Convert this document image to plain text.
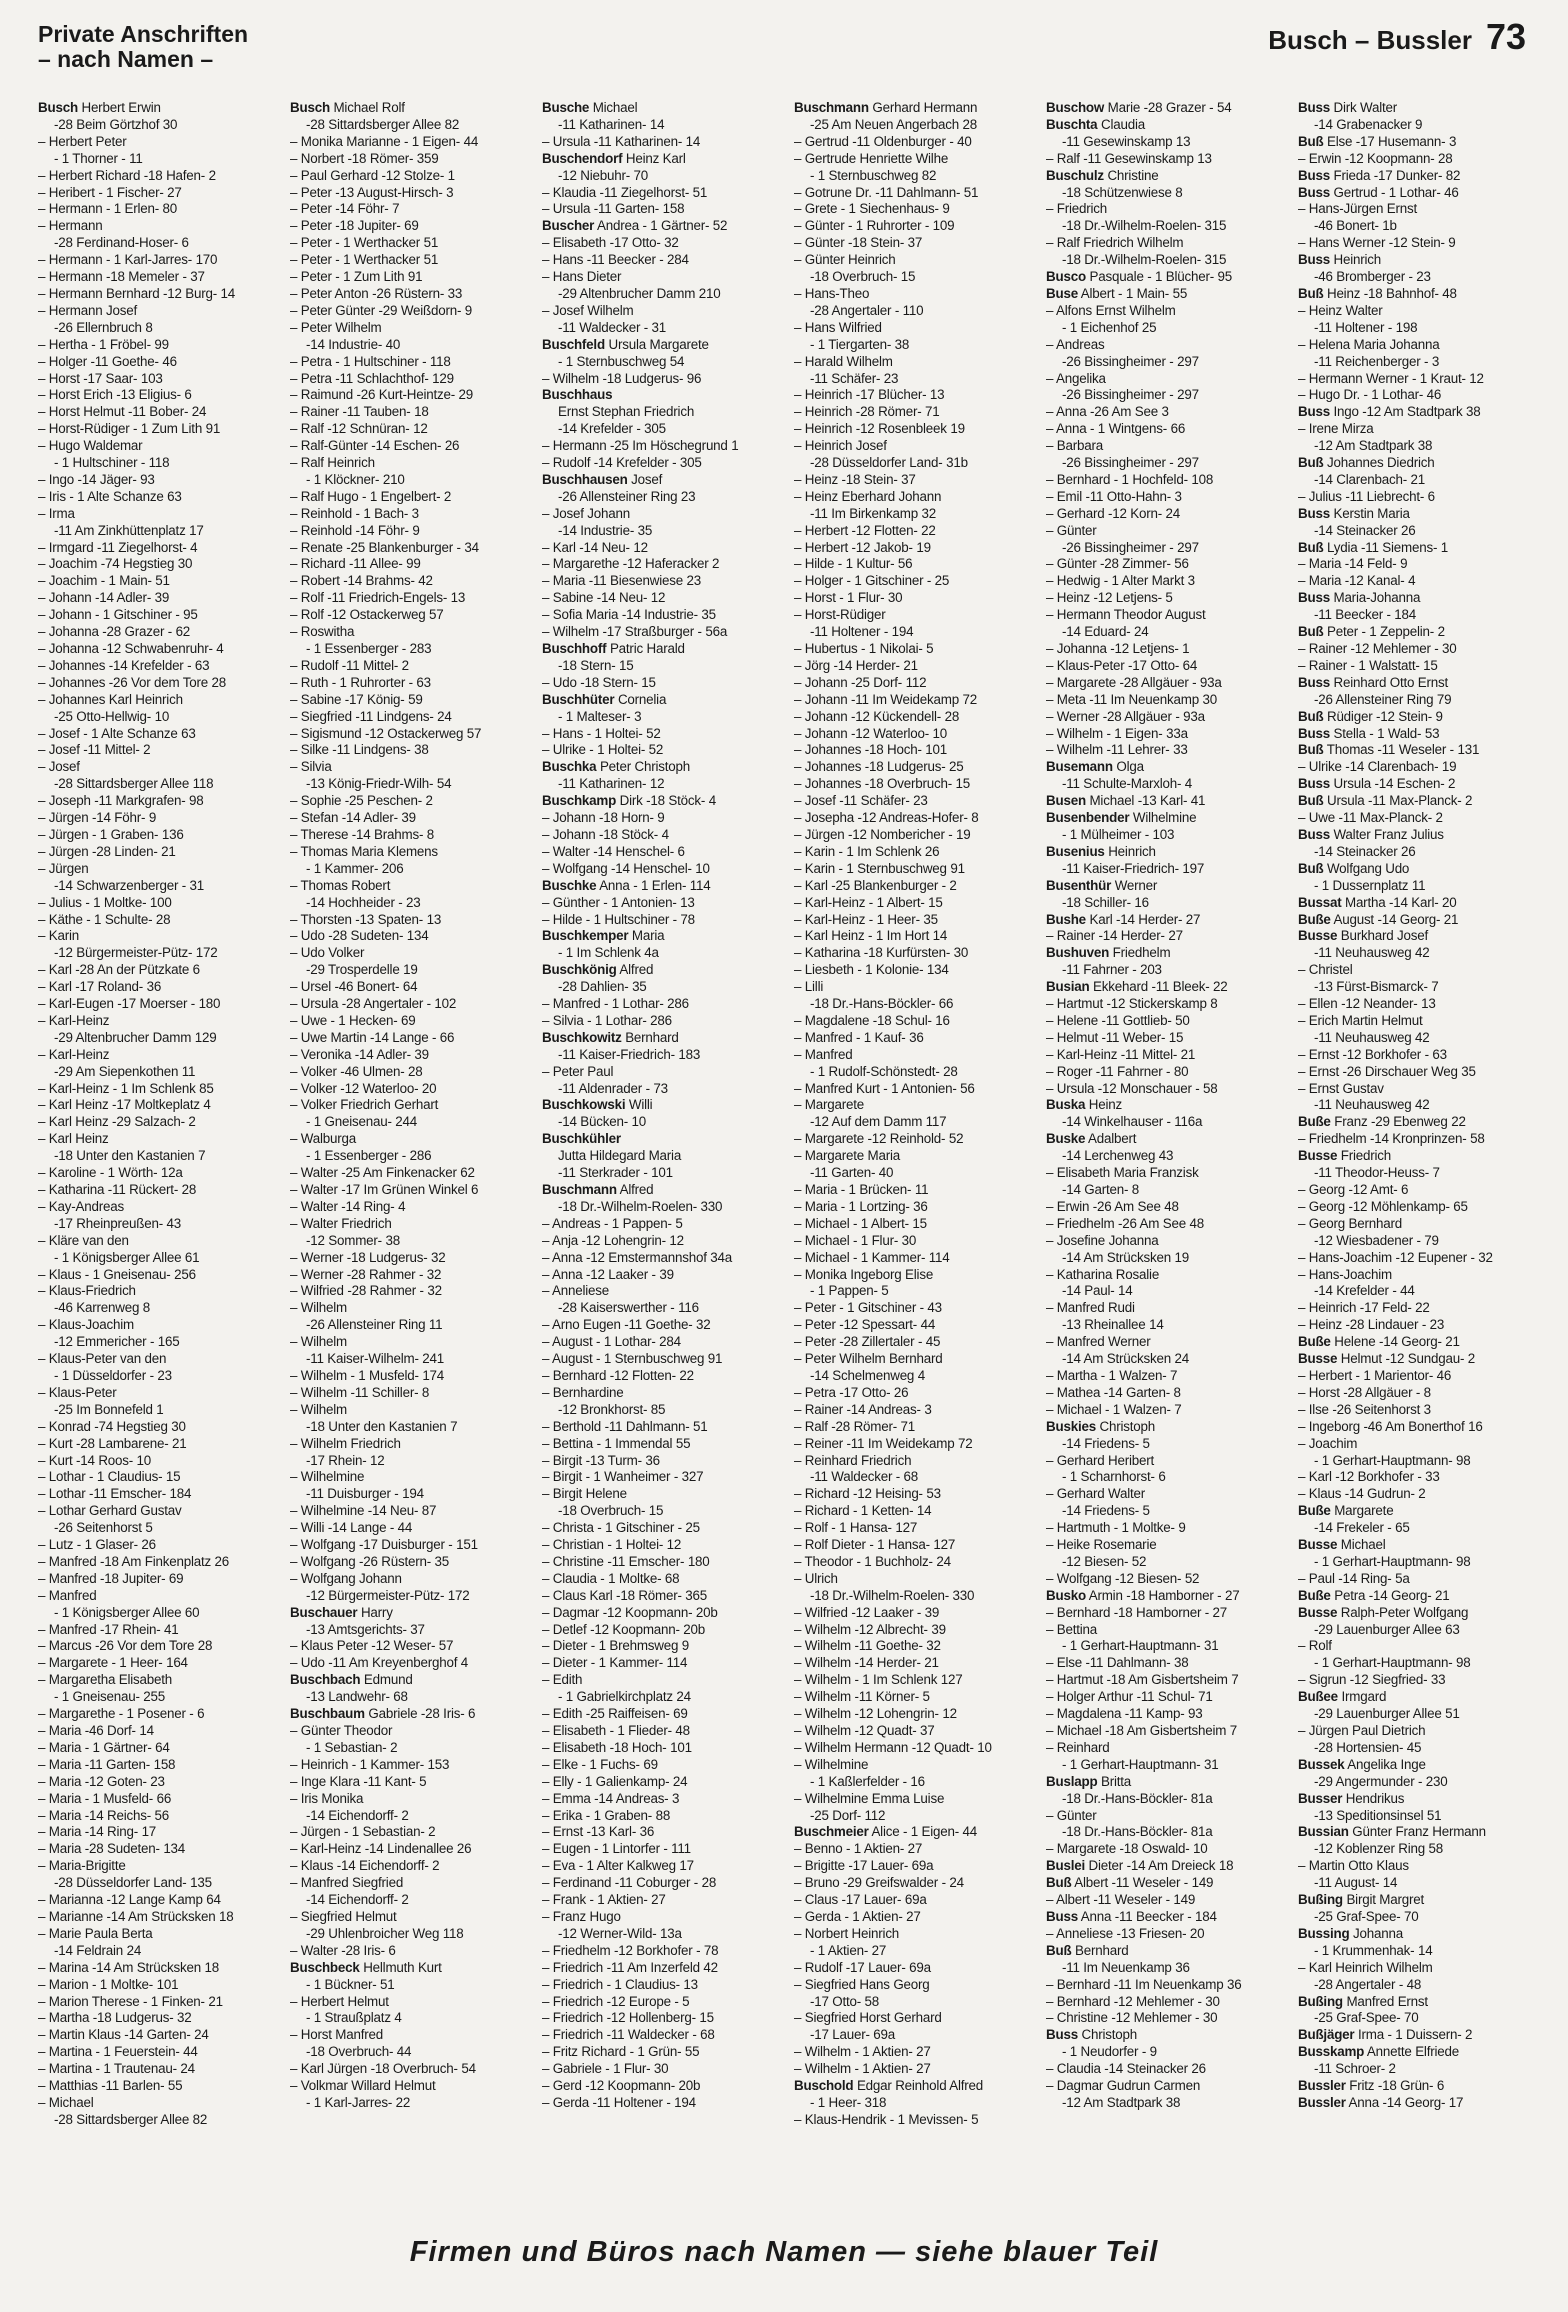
Private Anschriften
– nach Namen –
Busch – Bussler 73
Busch Herbert Erwin
-28 Beim Görtzhof 30
– Herbert Peter
- 1 Thorner - 11
– Herbert Richard -18 Hafen- 2
– Heribert - 1 Fischer- 27
– Hermann - 1 Erlen- 80
– Hermann
-28 Ferdinand-Hoser- 6
– Hermann - 1 Karl-Jarres- 170
– Hermann -18 Memeler - 37
– Hermann Bernhard -12 Burg- 14
– Hermann Josef
-26 Ellernbruch 8
– Hertha - 1 Fröbel- 99
– Holger -11 Goethe- 46
– Horst -17 Saar- 103
– Horst Erich -13 Eligius- 6
– Horst Helmut -11 Bober- 24
– Horst-Rüdiger - 1 Zum Lith 91
– Hugo Waldemar
- 1 Hultschiner - 118
– Ingo -14 Jäger- 93
– Iris - 1 Alte Schanze 63
– Irma
-11 Am Zinkhüttenplatz 17
– Irmgard -11 Ziegelhorst- 4
– Joachim -74 Hegstieg 30
– Joachim - 1 Main- 51
– Johann -14 Adler- 39
– Johann - 1 Gitschiner - 95
– Johanna -28 Grazer - 62
– Johanna -12 Schwabenruhr- 4
– Johannes -14 Krefelder - 63
– Johannes -26 Vor dem Tore 28
– Johannes Karl Heinrich
-25 Otto-Hellwig- 10
– Josef - 1 Alte Schanze 63
– Josef -11 Mittel- 2
– Josef
-28 Sittardsberger Allee 118
– Joseph -11 Markgrafen- 98
– Jürgen -14 Föhr- 9
– Jürgen - 1 Graben- 136
– Jürgen -28 Linden- 21
– Jürgen
-14 Schwarzenberger - 31
– Julius - 1 Moltke- 100
– Käthe - 1 Schulte- 28
– Karin
-12 Bürgermeister-Pütz- 172
– Karl -28 An der Pützkate 6
– Karl -17 Roland- 36
– Karl-Eugen -17 Moerser - 180
– Karl-Heinz
-29 Altenbrucher Damm 129
– Karl-Heinz
-29 Am Siepenkothen 11
– Karl-Heinz - 1 Im Schlenk 85
– Karl Heinz -17 Moltkeplatz 4
– Karl Heinz -29 Salzach- 2
– Karl Heinz
-18 Unter den Kastanien 7
– Karoline - 1 Wörth- 12a
– Katharina -11 Rückert- 28
– Kay-Andreas
-17 Rheinpreußen- 43
– Kläre van den
- 1 Königsberger Allee 61
– Klaus - 1 Gneisenau- 256
– Klaus-Friedrich
-46 Karrenweg 8
– Klaus-Joachim
-12 Emmericher - 165
– Klaus-Peter van den
- 1 Düsseldorfer - 23
– Klaus-Peter
-25 Im Bonnefeld 1
– Konrad -74 Hegstieg 30
– Kurt -28 Lambarene- 21
– Kurt -14 Roos- 10
– Lothar - 1 Claudius- 15
– Lothar -11 Emscher- 184
– Lothar Gerhard Gustav
-26 Seitenhorst 5
– Lutz - 1 Glaser- 26
– Manfred -18 Am Finkenplatz 26
– Manfred -18 Jupiter- 69
– Manfred
- 1 Königsberger Allee 60
– Manfred -17 Rhein- 41
– Marcus -26 Vor dem Tore 28
– Margarete - 1 Heer- 164
– Margaretha Elisabeth
- 1 Gneisenau- 255
– Margarethe - 1 Posener - 6
– Maria -46 Dorf- 14
– Maria - 1 Gärtner- 64
– Maria -11 Garten- 158
– Maria -12 Goten- 23
– Maria - 1 Musfeld- 66
– Maria -14 Reichs- 56
– Maria -14 Ring- 17
– Maria -28 Sudeten- 134
– Maria-Brigitte
-28 Düsseldorfer Land- 135
– Marianna -12 Lange Kamp 64
– Marianne -14 Am Strücksken 18
– Marie Paula Berta
-14 Feldrain 24
– Marina -14 Am Strücksken 18
– Marion - 1 Moltke- 101
– Marion Therese - 1 Finken- 21
– Martha -18 Ludgerus- 32
– Martin Klaus -14 Garten- 24
– Martina - 1 Feuerstein- 44
– Martina - 1 Trautenau- 24
– Matthias -11 Barlen- 55
– Michael
-28 Sittardsberger Allee 82
Busch Michael Rolf
-28 Sittardsberger Allee 82
– Monika Marianne - 1 Eigen- 44
– Norbert -18 Römer- 359
– Paul Gerhard -12 Stolze- 1
– Peter -13 August-Hirsch- 3
– Peter -14 Föhr- 7
– Peter -18 Jupiter- 69
– Peter - 1 Werthacker 51
– Peter - 1 Werthacker 51
– Peter - 1 Zum Lith 91
– Peter Anton -26 Rüstern- 33
– Peter Günter -29 Weißdorn- 9
– Peter Wilhelm
-14 Industrie- 40
– Petra - 1 Hultschiner - 118
– Petra -11 Schlachthof- 129
– Raimund -26 Kurt-Heintze- 29
– Rainer -11 Tauben- 18
– Ralf -12 Schnüran- 12
– Ralf-Günter -14 Eschen- 26
– Ralf Heinrich
- 1 Klöckner- 210
– Ralf Hugo - 1 Engelbert- 2
– Reinhold - 1 Bach- 3
– Reinhold -14 Föhr- 9
– Renate -25 Blankenburger - 34
– Richard -11 Allee- 99
– Robert -14 Brahms- 42
– Rolf -11 Friedrich-Engels- 13
– Rolf -12 Ostackerweg 57
– Roswitha
- 1 Essenberger - 283
– Rudolf -11 Mittel- 2
– Ruth - 1 Ruhrorter - 63
– Sabine -17 König- 59
– Siegfried -11 Lindgens- 24
– Sigismund -12 Ostackerweg 57
– Silke -11 Lindgens- 38
– Silvia
-13 König-Friedr-Wilh- 54
– Sophie -25 Peschen- 2
– Stefan -14 Adler- 39
– Therese -14 Brahms- 8
– Thomas Maria Klemens
- 1 Kammer- 206
– Thomas Robert
-14 Hochheider - 23
– Thorsten -13 Spaten- 13
– Udo -28 Sudeten- 134
– Udo Volker
-29 Trosperdelle 19
– Ursel -46 Bonert- 64
– Ursula -28 Angertaler - 102
– Uwe - 1 Hecken- 69
– Uwe Martin -14 Lange - 66
– Veronika -14 Adler- 39
– Volker -46 Ulmen- 28
– Volker -12 Waterloo- 20
– Volker Friedrich Gerhart
- 1 Gneisenau- 244
– Walburga
- 1 Essenberger - 286
– Walter -25 Am Finkenacker 62
– Walter -17 Im Grünen Winkel 6
– Walter -14 Ring- 4
– Walter Friedrich
-12 Sommer- 38
– Werner -18 Ludgerus- 32
– Werner -28 Rahmer - 32
– Wilfried -28 Rahmer - 32
– Wilhelm
-26 Allensteiner Ring 11
– Wilhelm
-11 Kaiser-Wilhelm- 241
– Wilhelm - 1 Musfeld- 174
– Wilhelm -11 Schiller- 8
– Wilhelm
-18 Unter den Kastanien 7
– Wilhelm Friedrich
-17 Rhein- 12
– Wilhelmine
-11 Duisburger - 194
– Wilhelmine -14 Neu- 87
– Willi -14 Lange - 44
– Wolfgang -17 Duisburger - 151
– Wolfgang -26 Rüstern- 35
– Wolfgang Johann
-12 Bürgermeister-Pütz- 172
Buschauer Harry
-13 Amtsgerichts- 37
– Klaus Peter -12 Weser- 57
– Udo -11 Am Kreyenberghof 4
Buschbach Edmund
-13 Landwehr- 68
Buschbaum Gabriele -28 Iris- 6
– Günter Theodor
- 1 Sebastian- 2
– Heinrich - 1 Kammer- 153
– Inge Klara -11 Kant- 5
– Iris Monika
-14 Eichendorff- 2
– Jürgen - 1 Sebastian- 2
– Karl-Heinz -14 Lindenallee 26
– Klaus -14 Eichendorff- 2
– Manfred Siegfried
-14 Eichendorff- 2
– Siegfried Helmut
-29 Uhlenbroicher Weg 118
– Walter -28 Iris- 6
Buschbeck Hellmuth Kurt
- 1 Bückner- 51
– Herbert Helmut
- 1 Straußplatz 4
– Horst Manfred
-18 Overbruch- 44
– Karl Jürgen -18 Overbruch- 54
– Volkmar Willard Helmut
- 1 Karl-Jarres- 22
Busche Michael
-11 Katharinen- 14
– Ursula -11 Katharinen- 14
Buschendorf Heinz Karl
-12 Niebuhr- 70
– Klaudia -11 Ziegelhorst- 51
– Ursula -11 Garten- 158
Buscher Andrea - 1 Gärtner- 52
– Elisabeth -17 Otto- 32
– Hans -11 Beecker - 284
– Hans Dieter
-29 Altenbrucher Damm 210
– Josef Wilhelm
-11 Waldecker - 31
Buschfeld Ursula Margarete
- 1 Sternbuschweg 54
– Wilhelm -18 Ludgerus- 96
Buschhaus
Ernst Stephan Friedrich
-14 Krefelder - 305
– Hermann -25 Im Höschegrund 1
– Rudolf -14 Krefelder - 305
Buschhausen Josef
-26 Allensteiner Ring 23
– Josef Johann
-14 Industrie- 35
– Karl -14 Neu- 12
– Margarethe -12 Haferacker 2
– Maria -11 Biesenwiese 23
– Sabine -14 Neu- 12
– Sofia Maria -14 Industrie- 35
– Wilhelm -17 Straßburger - 56a
Buschhoff Patric Harald
-18 Stern- 15
– Udo -18 Stern- 15
Buschhüter Cornelia
- 1 Malteser- 3
– Hans - 1 Holtei- 52
– Ulrike - 1 Holtei- 52
Buschka Peter Christoph
-11 Katharinen- 12
Buschkamp Dirk -18 Stöck- 4
– Johann -18 Horn- 9
– Johann -18 Stöck- 4
– Walter -14 Henschel- 6
– Wolfgang -14 Henschel- 10
Buschke Anna - 1 Erlen- 114
– Günther - 1 Antonien- 13
– Hilde - 1 Hultschiner - 78
Buschkemper Maria
- 1 Im Schlenk 4a
Buschkönig Alfred
-28 Dahlien- 35
– Manfred - 1 Lothar- 286
– Silvia - 1 Lothar- 286
Buschkowitz Bernhard
-11 Kaiser-Friedrich- 183
– Peter Paul
-11 Aldenrader - 73
Buschkowski Willi
-14 Bücken- 10
Buschkühler
Jutta Hildegard Maria
-11 Sterkrader - 101
Buschmann Alfred
-18 Dr.-Wilhelm-Roelen- 330
– Andreas - 1 Pappen- 5
– Anja -12 Lohengrin- 12
– Anna -12 Emstermannshof 34a
– Anna -12 Laaker - 39
– Anneliese
-28 Kaiserswerther - 116
– Arno Eugen -11 Goethe- 32
– August - 1 Lothar- 284
– August - 1 Sternbuschweg 91
– Bernhard -12 Flotten- 22
– Bernhardine
-12 Bronkhorst- 85
– Berthold -11 Dahlmann- 51
– Bettina - 1 Immendal 55
– Birgit -13 Turm- 36
– Birgit - 1 Wanheimer - 327
– Birgit Helene
-18 Overbruch- 15
– Christa - 1 Gitschiner - 25
– Christian - 1 Holtei- 12
– Christine -11 Emscher- 180
– Claudia - 1 Moltke- 68
– Claus Karl -18 Römer- 365
– Dagmar -12 Koopmann- 20b
– Detlef -12 Koopmann- 20b
– Dieter - 1 Brehmsweg 9
– Dieter - 1 Kammer- 114
– Edith
- 1 Gabrielkirchplatz 24
– Edith -25 Raiffeisen- 69
– Elisabeth - 1 Flieder- 48
– Elisabeth -18 Hoch- 101
– Elke - 1 Fuchs- 69
– Elly - 1 Galienkamp- 24
– Emma -14 Andreas- 3
– Erika - 1 Graben- 88
– Ernst -13 Karl- 36
– Eugen - 1 Lintorfer - 111
– Eva - 1 Alter Kalkweg 17
– Ferdinand -11 Coburger - 28
– Frank - 1 Aktien- 27
– Franz Hugo
-12 Werner-Wild- 13a
– Friedhelm -12 Borkhofer - 78
– Friedrich -11 Am Inzerfeld 42
– Friedrich - 1 Claudius- 13
– Friedrich -12 Europe - 5
– Friedrich -12 Hollenberg- 15
– Friedrich -11 Waldecker - 68
– Fritz Richard - 1 Grün- 55
– Gabriele - 1 Flur- 30
– Gerd -12 Koopmann- 20b
– Gerda -11 Holtener - 194
Buschmann Gerhard Hermann
-25 Am Neuen Angerbach 28
– Gertrud -11 Oldenburger - 40
– Gertrude Henriette Wilhe
- 1 Sternbuschweg 82
– Gotrune Dr. -11 Dahlmann- 51
– Grete - 1 Siechenhaus- 9
– Günter - 1 Ruhrorter - 109
– Günter -18 Stein- 37
– Günter Heinrich
-18 Overbruch- 15
– Hans-Theo
-28 Angertaler - 110
– Hans Wilfried
- 1 Tiergarten- 38
– Harald Wilhelm
-11 Schäfer- 23
– Heinrich -17 Blücher- 13
– Heinrich -28 Römer- 71
– Heinrich -12 Rosenbleek 19
– Heinrich Josef
-28 Düsseldorfer Land- 31b
– Heinz -18 Stein- 37
– Heinz Eberhard Johann
-11 Im Birkenkamp 32
– Herbert -12 Flotten- 22
– Herbert -12 Jakob- 19
– Hilde - 1 Kultur- 56
– Holger - 1 Gitschiner - 25
– Horst - 1 Flur- 30
– Horst-Rüdiger
-11 Holtener - 194
– Hubertus - 1 Nikolai- 5
– Jörg -14 Herder- 21
– Johann -25 Dorf- 112
– Johann -11 Im Weidekamp 72
– Johann -12 Kückendell- 28
– Johann -12 Waterloo- 10
– Johannes -18 Hoch- 101
– Johannes -18 Ludgerus- 25
– Johannes -18 Overbruch- 15
– Josef -11 Schäfer- 23
– Josepha -12 Andreas-Hofer- 8
– Jürgen -12 Nombericher - 19
– Karin - 1 Im Schlenk 26
– Karin - 1 Sternbuschweg 91
– Karl -25 Blankenburger - 2
– Karl-Heinz - 1 Albert- 15
– Karl-Heinz - 1 Heer- 35
– Karl Heinz - 1 Im Hort 14
– Katharina -18 Kurfürsten- 30
– Liesbeth - 1 Kolonie- 134
– Lilli
-18 Dr.-Hans-Böckler- 66
– Magdalene -18 Schul- 16
– Manfred - 1 Kauf- 36
– Manfred
- 1 Rudolf-Schönstedt- 28
– Manfred Kurt - 1 Antonien- 56
– Margarete
-12 Auf dem Damm 117
– Margarete -12 Reinhold- 52
– Margarete Maria
-11 Garten- 40
– Maria - 1 Brücken- 11
– Maria - 1 Lortzing- 36
– Michael - 1 Albert- 15
– Michael - 1 Flur- 30
– Michael - 1 Kammer- 114
– Monika Ingeborg Elise
- 1 Pappen- 5
– Peter - 1 Gitschiner - 43
– Peter -12 Spessart- 44
– Peter -28 Zillertaler - 45
– Peter Wilhelm Bernhard
-14 Schelmenweg 4
– Petra -17 Otto- 26
– Rainer -14 Andreas- 3
– Ralf -28 Römer- 71
– Reiner -11 Im Weidekamp 72
– Reinhard Friedrich
-11 Waldecker - 68
– Richard -12 Heising- 53
– Richard - 1 Ketten- 14
– Rolf - 1 Hansa- 127
– Rolf Dieter - 1 Hansa- 127
– Theodor - 1 Buchholz- 24
– Ulrich
-18 Dr.-Wilhelm-Roelen- 330
– Wilfried -12 Laaker - 39
– Wilhelm -12 Albrecht- 39
– Wilhelm -11 Goethe- 32
– Wilhelm -14 Herder- 21
– Wilhelm - 1 Im Schlenk 127
– Wilhelm -11 Körner- 5
– Wilhelm -12 Lohengrin- 12
– Wilhelm -12 Quadt- 37
– Wilhelm Hermann -12 Quadt- 10
– Wilhelmine
- 1 Kaßlerfelder - 16
– Wilhelmine Emma Luise
-25 Dorf- 112
Buschmeier Alice - 1 Eigen- 44
– Benno - 1 Aktien- 27
– Brigitte -17 Lauer- 69a
– Bruno -29 Greifswalder - 24
– Claus -17 Lauer- 69a
– Gerda - 1 Aktien- 27
– Norbert Heinrich
- 1 Aktien- 27
– Rudolf -17 Lauer- 69a
– Siegfried Hans Georg
-17 Otto- 58
– Siegfried Horst Gerhard
-17 Lauer- 69a
– Wilhelm - 1 Aktien- 27
– Wilhelm - 1 Aktien- 27
Buschold Edgar Reinhold Alfred
- 1 Heer- 318
– Klaus-Hendrik - 1 Mevissen- 5
Buschow Marie -28 Grazer - 54
Buschta Claudia
-11 Gesewinskamp 13
– Ralf -11 Gesewinskamp 13
Buschulz Christine
-18 Schützenwiese 8
– Friedrich
-18 Dr.-Wilhelm-Roelen- 315
– Ralf Friedrich Wilhelm
-18 Dr.-Wilhelm-Roelen- 315
Busco Pasquale - 1 Blücher- 95
Buse Albert - 1 Main- 55
– Alfons Ernst Wilhelm
- 1 Eichenhof 25
– Andreas
-26 Bissingheimer - 297
– Angelika
-26 Bissingheimer - 297
– Anna -26 Am See 3
– Anna - 1 Wintgens- 66
– Barbara
-26 Bissingheimer - 297
– Bernhard - 1 Hochfeld- 108
– Emil -11 Otto-Hahn- 3
– Gerhard -12 Korn- 24
– Günter
-26 Bissingheimer - 297
– Günter -28 Zimmer- 56
– Hedwig - 1 Alter Markt 3
– Heinz -12 Letjens- 5
– Hermann Theodor August
-14 Eduard- 24
– Johanna -12 Letjens- 1
– Klaus-Peter -17 Otto- 64
– Margarete -28 Allgäuer - 93a
– Meta -11 Im Neuenkamp 30
– Werner -28 Allgäuer - 93a
– Wilhelm - 1 Eigen- 33a
– Wilhelm -11 Lehrer- 33
Busemann Olga
-11 Schulte-Marxloh- 4
Busen Michael -13 Karl- 41
Busenbender Wilhelmine
- 1 Mülheimer - 103
Busenius Heinrich
-11 Kaiser-Friedrich- 197
Busenthür Werner
-18 Schiller- 16
Bushe Karl -14 Herder- 27
– Rainer -14 Herder- 27
Bushuven Friedhelm
-11 Fahrner - 203
Busian Ekkehard -11 Bleek- 22
– Hartmut -12 Stickerskamp 8
– Helene -11 Gottlieb- 50
– Helmut -11 Weber- 15
– Karl-Heinz -11 Mittel- 21
– Roger -11 Fahrner - 80
– Ursula -12 Monschauer - 58
Buska Heinz
-14 Winkelhauser - 116a
Buske Adalbert
-14 Lerchenweg 43
– Elisabeth Maria Franzisk
-14 Garten- 8
– Erwin -26 Am See 48
– Friedhelm -26 Am See 48
– Josefine Johanna
-14 Am Strücksken 19
– Katharina Rosalie
-14 Paul- 14
– Manfred Rudi
-13 Rheinallee 14
– Manfred Werner
-14 Am Strücksken 24
– Martha - 1 Walzen- 7
– Mathea -14 Garten- 8
– Michael - 1 Walzen- 7
Buskies Christoph
-14 Friedens- 5
– Gerhard Heribert
- 1 Scharnhorst- 6
– Gerhard Walter
-14 Friedens- 5
– Hartmuth - 1 Moltke- 9
– Heike Rosemarie
-12 Biesen- 52
– Wolfgang -12 Biesen- 52
Busko Armin -18 Hamborner - 27
– Bernhard -18 Hamborner - 27
– Bettina
- 1 Gerhart-Hauptmann- 31
– Else -11 Dahlmann- 38
– Hartmut -18 Am Gisbertsheim 7
– Holger Arthur -11 Schul- 71
– Magdalena -11 Kamp- 93
– Michael -18 Am Gisbertsheim 7
– Reinhard
- 1 Gerhart-Hauptmann- 31
Buslapp Britta
-18 Dr.-Hans-Böckler- 81a
– Günter
-18 Dr.-Hans-Böckler- 81a
– Margarete -18 Oswald- 10
Buslei Dieter -14 Am Dreieck 18
Buß Albert -11 Weseler - 149
– Albert -11 Weseler - 149
Buss Anna -11 Beecker - 184
– Anneliese -13 Friesen- 20
Buß Bernhard
-11 Im Neuenkamp 36
– Bernhard -11 Im Neuenkamp 36
– Bernhard -12 Mehlemer - 30
– Christine -12 Mehlemer - 30
Buss Christoph
- 1 Neudorfer - 9
– Claudia -14 Steinacker 26
– Dagmar Gudrun Carmen
-12 Am Stadtpark 38
Buss Dirk Walter
-14 Grabenacker 9
Buß Else -17 Husemann- 3
– Erwin -12 Koopmann- 28
Buss Frieda -17 Dunker- 82
Buss Gertrud - 1 Lothar- 46
– Hans-Jürgen Ernst
-46 Bonert- 1b
– Hans Werner -12 Stein- 9
Buss Heinrich
-46 Bromberger - 23
Buß Heinz -18 Bahnhof- 48
– Heinz Walter
-11 Holtener - 198
– Helena Maria Johanna
-11 Reichenberger - 3
– Hermann Werner - 1 Kraut- 12
– Hugo Dr. - 1 Lothar- 46
Buss Ingo -12 Am Stadtpark 38
– Irene Mirza
-12 Am Stadtpark 38
Buß Johannes Diedrich
-14 Clarenbach- 21
– Julius -11 Liebrecht- 6
Buss Kerstin Maria
-14 Steinacker 26
Buß Lydia -11 Siemens- 1
– Maria -14 Feld- 9
– Maria -12 Kanal- 4
Buss Maria-Johanna
-11 Beecker - 184
Buß Peter - 1 Zeppelin- 2
– Rainer -12 Mehlemer - 30
– Rainer - 1 Walstatt- 15
Buss Reinhard Otto Ernst
-26 Allensteiner Ring 79
Buß Rüdiger -12 Stein- 9
Buss Stella - 1 Wald- 53
Buß Thomas -11 Weseler - 131
– Ulrike -14 Clarenbach- 19
Buss Ursula -14 Eschen- 2
Buß Ursula -11 Max-Planck- 2
– Uwe -11 Max-Planck- 2
Buss Walter Franz Julius
-14 Steinacker 26
Buß Wolfgang Udo
- 1 Dussernplatz 11
Bussat Martha -14 Karl- 20
Buße August -14 Georg- 21
Busse Burkhard Josef
-11 Neuhausweg 42
– Christel
-13 Fürst-Bismarck- 7
– Ellen -12 Neander- 13
– Erich Martin Helmut
-11 Neuhausweg 42
– Ernst -12 Borkhofer - 63
– Ernst -26 Dirschauer Weg 35
– Ernst Gustav
-11 Neuhausweg 42
Buße Franz -29 Ebenweg 22
– Friedhelm -14 Kronprinzen- 58
Busse Friedrich
-11 Theodor-Heuss- 7
– Georg -12 Amt- 6
– Georg -12 Möhlenkamp- 65
– Georg Bernhard
-12 Wiesbadener - 79
– Hans-Joachim -12 Eupener - 32
– Hans-Joachim
-14 Krefelder - 44
– Heinrich -17 Feld- 22
– Heinz -28 Lindauer - 23
Buße Helene -14 Georg- 21
Busse Helmut -12 Sundgau- 2
– Herbert - 1 Marientor- 46
– Horst -28 Allgäuer - 8
– Ilse -26 Seitenhorst 3
– Ingeborg -46 Am Bonerthof 16
– Joachim
- 1 Gerhart-Hauptmann- 98
– Karl -12 Borkhofer - 33
– Klaus -14 Gudrun- 2
Buße Margarete
-14 Frekeler - 65
Busse Michael
- 1 Gerhart-Hauptmann- 98
– Paul -14 Ring- 5a
Buße Petra -14 Georg- 21
Busse Ralph-Peter Wolfgang
-29 Lauenburger Allee 63
– Rolf
- 1 Gerhart-Hauptmann- 98
– Sigrun -12 Siegfried- 33
Bußee Irmgard
-29 Lauenburger Allee 51
– Jürgen Paul Dietrich
-28 Hortensien- 45
Bussek Angelika Inge
-29 Angermunder - 230
Busser Hendrikus
-13 Speditionsinsel 51
Bussian Günter Franz Hermann
-12 Koblenzer Ring 58
– Martin Otto Klaus
-11 August- 14
Bußing Birgit Margret
-25 Graf-Spee- 70
Bussing Johanna
- 1 Krummenhak- 14
– Karl Heinrich Wilhelm
-28 Angertaler - 48
Bußing Manfred Ernst
-25 Graf-Spee- 70
Bußjäger Irma - 1 Duissern- 2
Busskamp Annette Elfriede
-11 Schroer- 2
Bussler Fritz -18 Grün- 6
Bussler Anna -14 Georg- 17
Firmen und Büros nach Namen — siehe blauer Teil
